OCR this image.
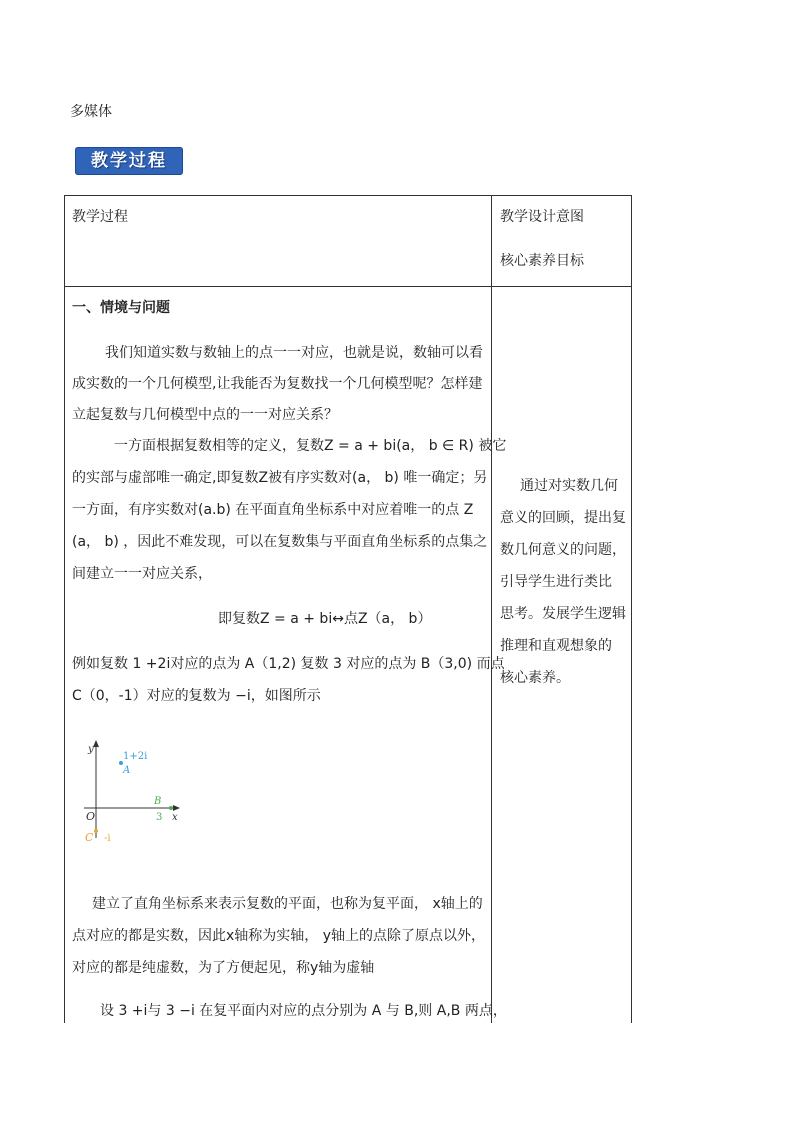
多媒体
教学过程
教学过程	教学设计意图
核心素养目标
一、情境与问题
我们知道实数与数轴上的点一一对应，也就是说，数轴可以看
成实数的一个几何模型,让我能否为复数找一个几何模型呢？怎样建
立起复数与几何模型中点的一一对应关系？
一方面根据复数相等的定义，复数Z = a + bi(a， b ∈ R) 被它
的实部与虚部唯一确定,即复数Z被有序实数对(a， b) 唯一确定；另
一方面，有序实数对(a.b) 在平面直角坐标系中对应着唯一的点 Z
(a， b) ，因此不难发现，可以在复数集与平面直角坐标系的点集之
间建立一一对应关系，
即复数Z = a + bi↔点Z（a， b）
例如复数 1 +2i对应的点为 A（1,2) 复数 3 对应的点为 B（3,0) 而点
C（0，-1）对应的复数为 −i，如图所示
y
x
O
1+2i
A
B
3
C -i
建立了直角坐标系来表示复数的平面，也称为复平面， x轴上的
点对应的都是实数，因此x轴称为实轴， y轴上的点除了原点以外，
对应的都是纯虚数，为了方便起见，称y轴为虚轴
设 3 +i与 3 −i 在复平面内对应的点分别为 A 与 B,则 A,B 两点，

通过对实数几何

意义的回顾，提出复

数几何意义的问题，

引导学生进行类比

思考。发展学生逻辑

推理和直观想象的

核心素养。
